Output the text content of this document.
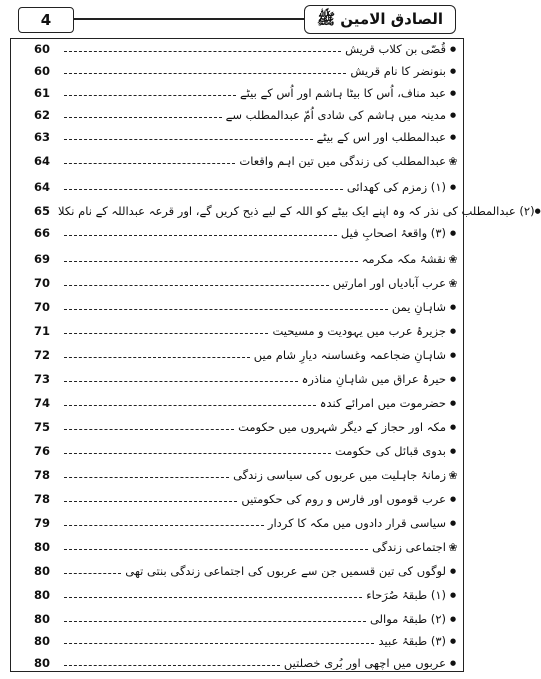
4	الصادق الامین ﷺ
60	قُصّی بن کلاب قریش ●
60	بنونضر کا نام قریش ●
61	عبد مناف، اُس کا بیٹا ہاشم اور اُس کے بیٹے ●
62	مدینہ میں ہاشم کی شادی اُمّ عبدالمطلب سے ●
63	عبدالمطلب اور اس کے بیٹے ●
64	عبدالمطلب کی زندگی میں تین اہم واقعات ❀
64	(۱) زمزم کی کھدائی ●
65 (۲) عبدالمطلب کی نذر کہ وہ اپنے ایک بیٹے کو اللہ کے لیے ذبح کریں گے، اور قرعہ عبداللہ کے نام نکلا ●
66	(۳) واقعۂ اصحابِ فیل ●
69	نقشۂ مکہ مکرمہ ❀
70	عرب آبادیاں اور امارتیں ❀
70	شاہانِ یمن ●
71	جزیرۂ عرب میں یہودیت و مسیحیت ●
72	شاہانِ ضجاعمہ وغساسنہ دیارِ شام میں ●
73	حیرۂ عراق میں شاہانِ مناذرہ ●
74	حضرموت میں امرائے کندہ ●
75	مکہ اور حجاز کے دیگر شہروں میں حکومت ●
76	بدوی قبائل کی حکومت ●
78	زمانۂ جاہلیت میں عربوں کی سیاسی زندگی ❀
78	عرب قوموں اور فارس و روم کی حکومتیں ●
79	سیاسی قرار دادوں میں مکہ کا کردار ●
80	اجتماعی زندگی ❀
80	لوگوں کی تین قسمیں جن سے عربوں کی اجتماعی زندگی بنتی تھی ●
80	(۱) طبقۂ صُرَحاء ●
80	(۲) طبقۂ موالی ●
80	(۳) طبقۂ عبید ●
80	عربوں میں اچھی اور بُری خصلتیں ●
